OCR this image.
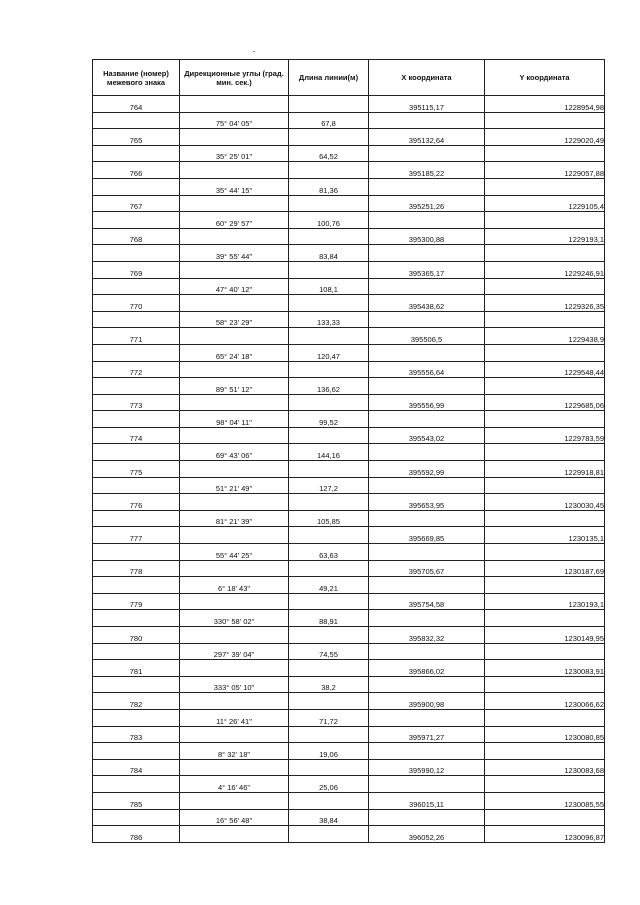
Название (номер) межевого знака	Дирекционные углы (град. мин. сек.)	Длина линии(м)	X координата	Y координата
764			395115,17	1228954,98
	75° 04' 05"	67,8		
765			395132,64	1229020,49
	35° 25' 01"	64,52		
766			395185,22	1229057,88
	35° 44' 15"	81,36		
767			395251,26	1229105,4
	60° 29' 57"	100,76		
768			395300,88	1229193,1
	39° 55' 44"	83,84		
769			395365,17	1229246,91
	47° 40' 12"	108,1		
770			395438,62	1229326,35
	58° 23' 29"	133,33		
771			395506,5	1229438,9
	65° 24' 18"	120,47		
772			395556,64	1229548,44
	89° 51' 12"	136,62		
773			395556,99	1229685,06
	98° 04' 11"	99,52		
774			395543,02	1229783,59
	69° 43' 06"	144,16		
775			395592,99	1229918,81
	51° 21' 49"	127,2		
776			395653,95	1230030,45
	81° 21' 39"	105,85		
777			395669,85	1230135,1
	55° 44' 25"	63,63		
778			395705,67	1230187,69
	6° 18' 43"	49,21		
779			395754,58	1230193,1
	330° 58' 02"	88,91		
780			395832,32	1230149,95
	297° 39' 04"	74,55		
781			395866,02	1230083,91
	333° 05' 10"	38,2		
782			395900,98	1230066,62
	11° 26' 41"	71,72		
783			395971,27	1230080,85
	8° 32' 18"	19,06		
784			395990,12	1230083,68
	4° 16' 46"	25,06		
785			396015,11	1230085,55
	16° 56' 48"	38,84		
786			396052,26	1230096,87
